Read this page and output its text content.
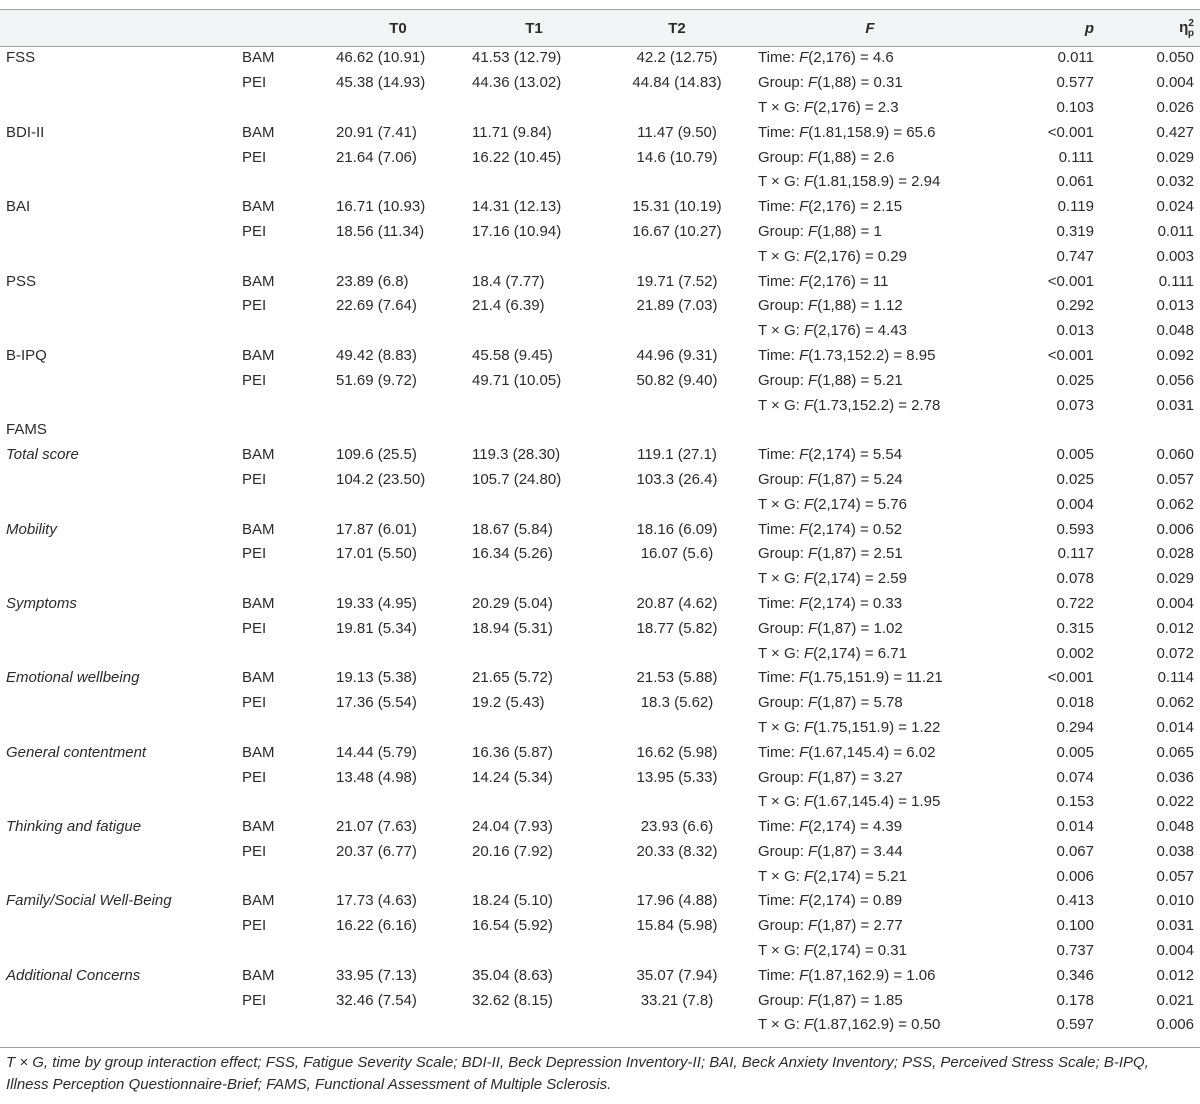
		T0	T1	T2	F	p	$\eta^2_p$
FSS	BAM	46.62 (10.91)	41.53 (12.79)	42.2 (12.75)	Time: F(2,176) = 4.6	0.011	0.050
	PEI	45.38 (14.93)	44.36 (13.02)	44.84 (14.83)	Group: F(1,88) = 0.31	0.577	0.004
					T × G: F(2,176) = 2.3	0.103	0.026
BDI-II	BAM	20.91 (7.41)	11.71 (9.84)	11.47 (9.50)	Time: F(1.81,158.9) = 65.6	<0.001	0.427
	PEI	21.64 (7.06)	16.22 (10.45)	14.6 (10.79)	Group: F(1,88) = 2.6	0.111	0.029
					T × G: F(1.81,158.9) = 2.94	0.061	0.032
BAI	BAM	16.71 (10.93)	14.31 (12.13)	15.31 (10.19)	Time: F(2,176) = 2.15	0.119	0.024
	PEI	18.56 (11.34)	17.16 (10.94)	16.67 (10.27)	Group: F(1,88) = 1	0.319	0.011
					T × G: F(2,176) = 0.29	0.747	0.003
PSS	BAM	23.89 (6.8)	18.4 (7.77)	19.71 (7.52)	Time: F(2,176) = 11	<0.001	0.111
	PEI	22.69 (7.64)	21.4 (6.39)	21.89 (7.03)	Group: F(1,88) = 1.12	0.292	0.013
					T × G: F(2,176) = 4.43	0.013	0.048
B-IPQ	BAM	49.42 (8.83)	45.58 (9.45)	44.96 (9.31)	Time: F(1.73,152.2) = 8.95	<0.001	0.092
	PEI	51.69 (9.72)	49.71 (10.05)	50.82 (9.40)	Group: F(1,88) = 5.21	0.025	0.056
					T × G: F(1.73,152.2) = 2.78	0.073	0.031
FAMS							
Total score	BAM	109.6 (25.5)	119.3 (28.30)	119.1 (27.1)	Time: F(2,174) = 5.54	0.005	0.060
	PEI	104.2 (23.50)	105.7 (24.80)	103.3 (26.4)	Group: F(1,87) = 5.24	0.025	0.057
					T × G: F(2,174) = 5.76	0.004	0.062
Mobility	BAM	17.87 (6.01)	18.67 (5.84)	18.16 (6.09)	Time: F(2,174) = 0.52	0.593	0.006
	PEI	17.01 (5.50)	16.34 (5.26)	16.07 (5.6)	Group: F(1,87) = 2.51	0.117	0.028
					T × G: F(2,174) = 2.59	0.078	0.029
Symptoms	BAM	19.33 (4.95)	20.29 (5.04)	20.87 (4.62)	Time: F(2,174) = 0.33	0.722	0.004
	PEI	19.81 (5.34)	18.94 (5.31)	18.77 (5.82)	Group: F(1,87) = 1.02	0.315	0.012
					T × G: F(2,174) = 6.71	0.002	0.072
Emotional wellbeing	BAM	19.13 (5.38)	21.65 (5.72)	21.53 (5.88)	Time: F(1.75,151.9) = 11.21	<0.001	0.114
	PEI	17.36 (5.54)	19.2 (5.43)	18.3 (5.62)	Group: F(1,87) = 5.78	0.018	0.062
					T × G: F(1.75,151.9) = 1.22	0.294	0.014
General contentment	BAM	14.44 (5.79)	16.36 (5.87)	16.62 (5.98)	Time: F(1.67,145.4) = 6.02	0.005	0.065
	PEI	13.48 (4.98)	14.24 (5.34)	13.95 (5.33)	Group: F(1,87) = 3.27	0.074	0.036
					T × G: F(1.67,145.4) = 1.95	0.153	0.022
Thinking and fatigue	BAM	21.07 (7.63)	24.04 (7.93)	23.93 (6.6)	Time: F(2,174) = 4.39	0.014	0.048
	PEI	20.37 (6.77)	20.16 (7.92)	20.33 (8.32)	Group: F(1,87) = 3.44	0.067	0.038
					T × G: F(2,174) = 5.21	0.006	0.057
Family/Social Well-Being	BAM	17.73 (4.63)	18.24 (5.10)	17.96 (4.88)	Time: F(2,174) = 0.89	0.413	0.010
	PEI	16.22 (6.16)	16.54 (5.92)	15.84 (5.98)	Group: F(1,87) = 2.77	0.100	0.031
					T × G: F(2,174) = 0.31	0.737	0.004
Additional Concerns	BAM	33.95 (7.13)	35.04 (8.63)	35.07 (7.94)	Time: F(1.87,162.9) = 1.06	0.346	0.012
	PEI	32.46 (7.54)	32.62 (8.15)	33.21 (7.8)	Group: F(1,87) = 1.85	0.178	0.021
					T × G: F(1.87,162.9) = 0.50	0.597	0.006
T × G, time by group interaction effect; FSS, Fatigue Severity Scale; BDI-II, Beck Depression Inventory-II; BAI, Beck Anxiety Inventory; PSS, Perceived Stress Scale; B-IPQ, Illness Perception Questionnaire-Brief; FAMS, Functional Assessment of Multiple Sclerosis.
